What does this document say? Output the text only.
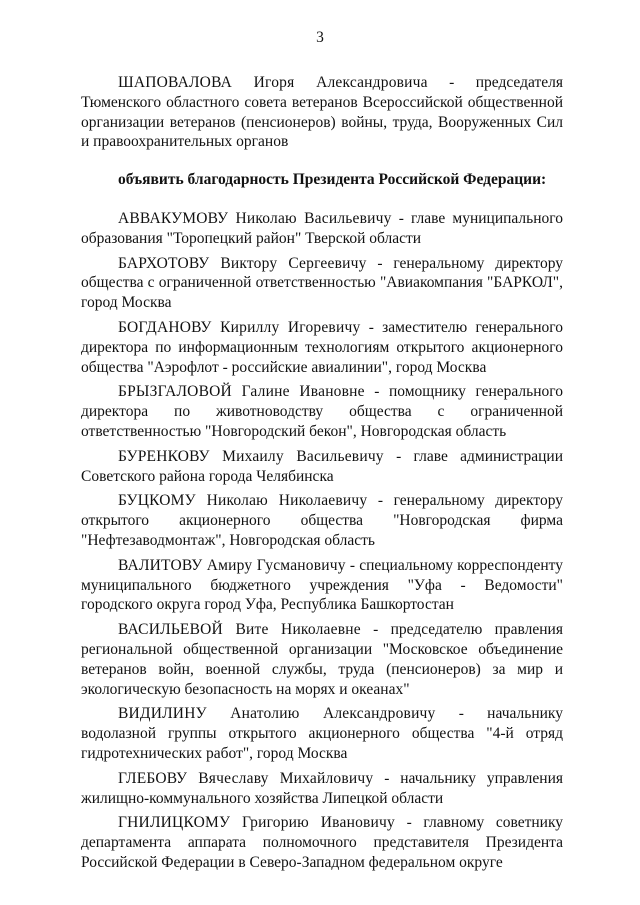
3

ШАПОВАЛОВА Игоря Александровича - председателя Тюменского областного совета ветеранов Всероссийской общественной организации ветеранов (пенсионеров) войны, труда, Вооруженных Сил и правоохранительных органов

объявить благодарность Президента Российской Федерации:

АВВАКУМОВУ Николаю Васильевичу - главе муниципального образования "Торопецкий район" Тверской области

БАРХОТОВУ Виктору Сергеевичу - генеральному директору общества с ограниченной ответственностью "Авиакомпания "БАРКОЛ", город Москва

БОГДАНОВУ Кириллу Игоревичу - заместителю генерального директора по информационным технологиям открытого акционерного общества "Аэрофлот - российские авиалинии", город Москва

БРЫЗГАЛОВОЙ Галине Ивановне - помощнику генерального директора по животноводству общества с ограниченной ответственностью "Новгородский бекон", Новгородская область

БУРЕНКОВУ Михаилу Васильевичу - главе администрации Советского района города Челябинска

БУЦКОМУ Николаю Николаевичу - генеральному директору открытого акционерного общества "Новгородская фирма "Нефтезаводмонтаж", Новгородская область

ВАЛИТОВУ Амиру Гусмановичу - специальному корреспонденту муниципального бюджетного учреждения "Уфа - Ведомости" городского округа город Уфа, Республика Башкортостан

ВАСИЛЬЕВОЙ Вите Николаевне - председателю правления региональной общественной организации "Московское объединение ветеранов войн, военной службы, труда (пенсионеров) за мир и экологическую безопасность на морях и океанах"

ВИДИЛИНУ Анатолию Александровичу - начальнику водолазной группы открытого акционерного общества "4-й отряд гидротехнических работ", город Москва

ГЛЕБОВУ Вячеславу Михайловичу - начальнику управления жилищно-коммунального хозяйства Липецкой области

ГНИЛИЦКОМУ Григорию Ивановичу - главному советнику департамента аппарата полномочного представителя Президента Российской Федерации в Северо-Западном федеральном округе
